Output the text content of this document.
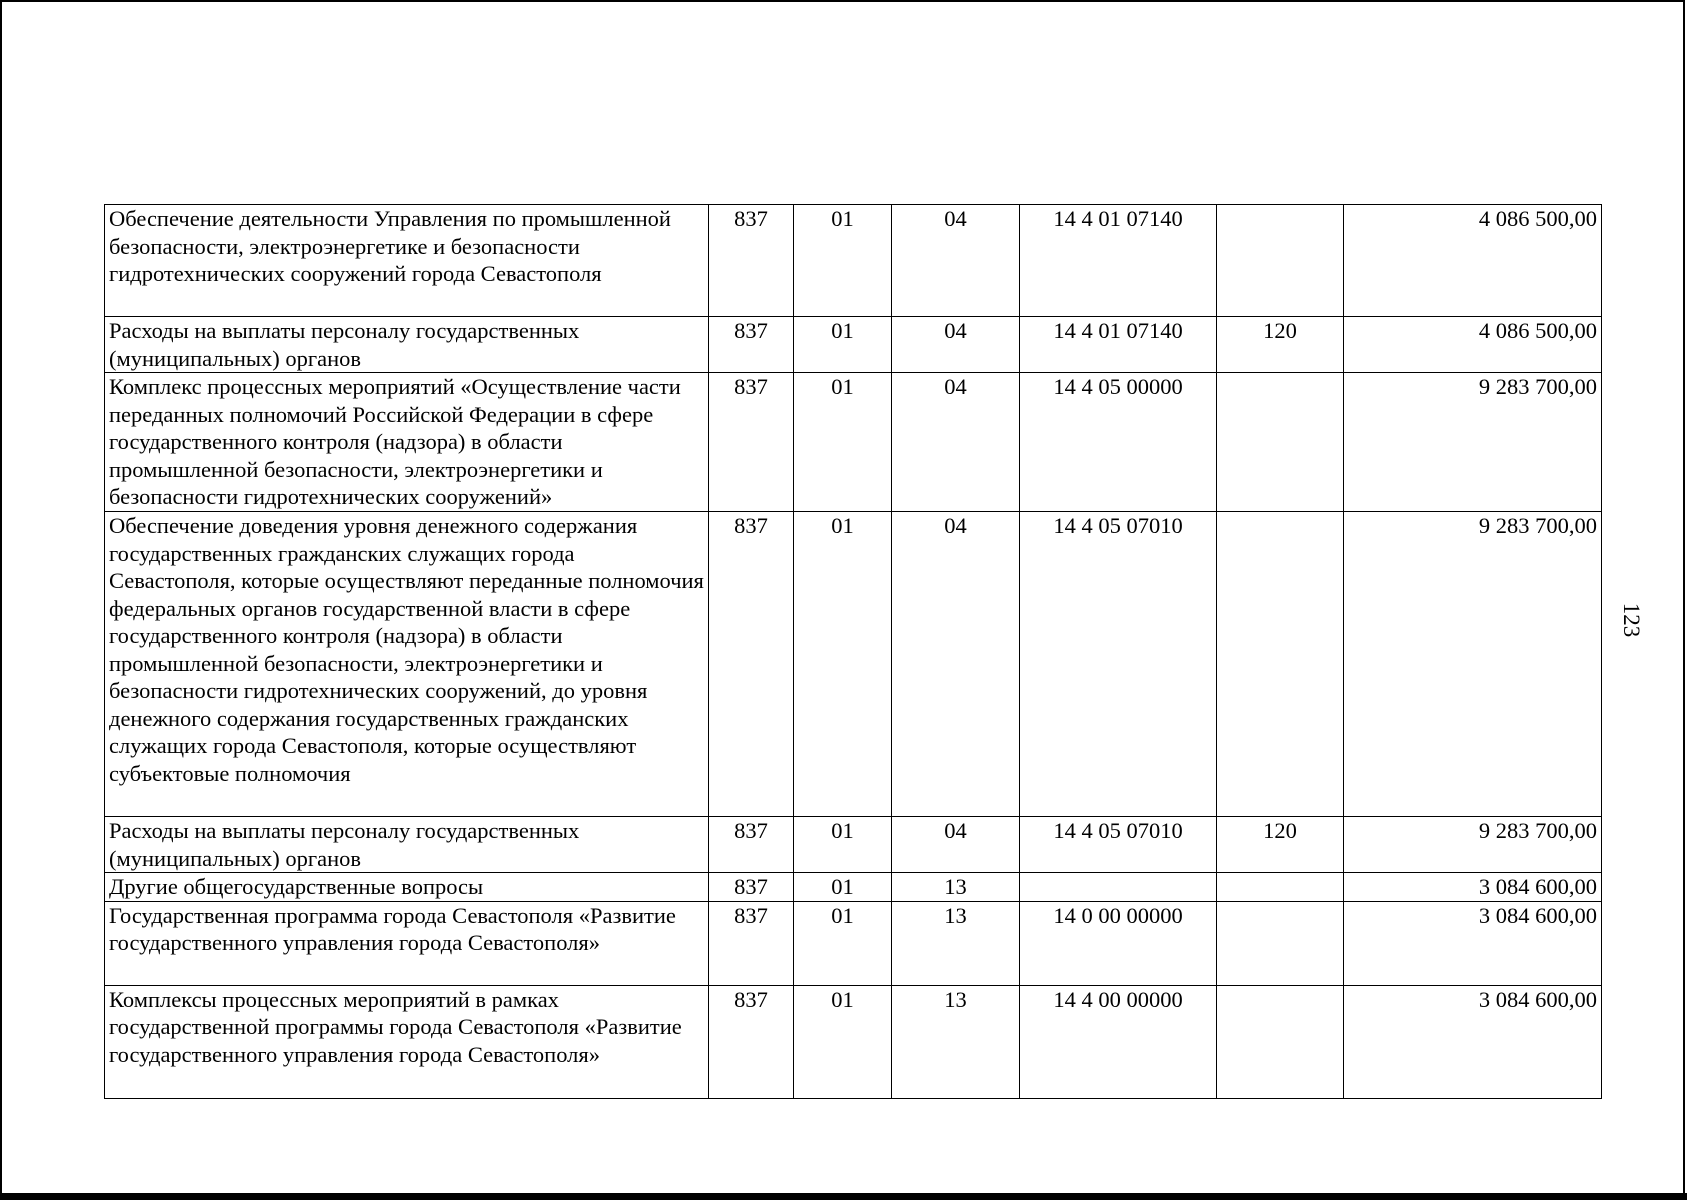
Обеспечение деятельности Управления по промышленной безопасности, электроэнергетике и безопасности гидротехнических сооружений города Севастополя	837	01	04	14 4 01 07140		4 086 500,00
Расходы на выплаты персоналу государственных (муниципальных) органов	837	01	04	14 4 01 07140	120	4 086 500,00
Комплекс процессных мероприятий «Осуществление части переданных полномочий Российской Федерации в сфере государственного контроля (надзора) в области промышленной безопасности, электроэнергетики и безопасности гидротехнических сооружений»	837	01	04	14 4 05 00000		9 283 700,00
Обеспечение доведения уровня денежного содержания государственных гражданских служащих города Севастополя, которые осуществляют переданные полномочия федеральных органов государственной власти в сфере государственного контроля (надзора) в области промышленной безопасности, электроэнергетики и безопасности гидротехнических сооружений, до уровня денежного содержания государственных гражданских служащих города Севастополя, которые осуществляют субъектовые полномочия	837	01	04	14 4 05 07010		9 283 700,00
Расходы на выплаты персоналу государственных (муниципальных) органов	837	01	04	14 4 05 07010	120	9 283 700,00
Другие общегосударственные вопросы	837	01	13			3 084 600,00
Государственная программа города Севастополя «Развитие государственного управления города Севастополя»	837	01	13	14 0 00 00000		3 084 600,00
Комплексы процессных мероприятий в рамках государственной программы города Севастополя «Развитие государственного управления города Севастополя»	837	01	13	14 4 00 00000		3 084 600,00
123
